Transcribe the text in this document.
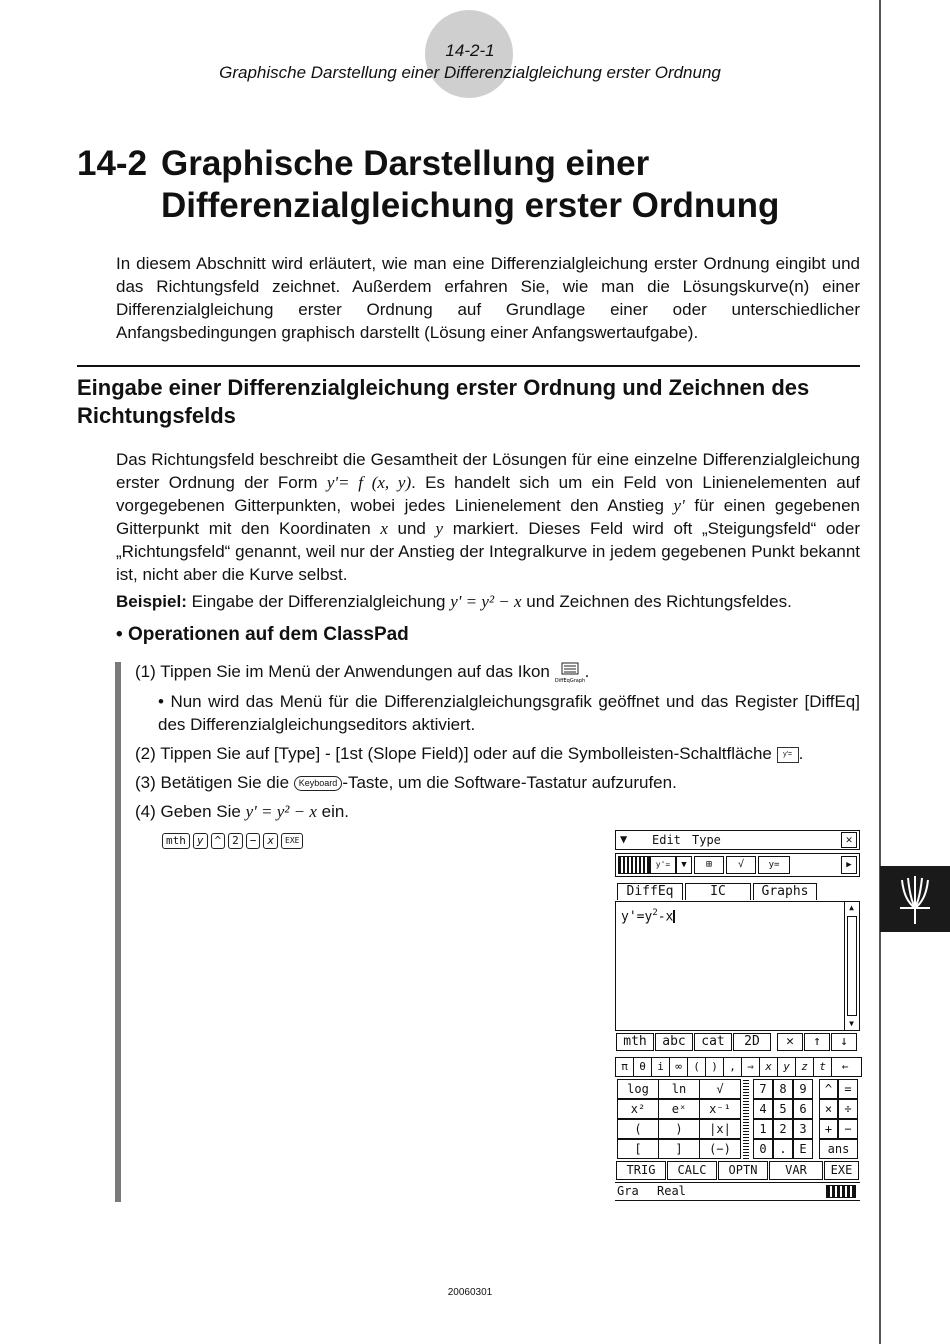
14-2-1
Graphische Darstellung einer Differenzialgleichung erster Ordnung
14-2 Graphische Darstellung einer
Differenzialgleichung erster Ordnung
In diesem Abschnitt wird erläutert, wie man eine Differenzialgleichung erster Ordnung eingibt und das Richtungsfeld zeichnet. Außerdem erfahren Sie, wie man die Lösungskurve(n) einer Differenzialgleichung erster Ordnung auf Grundlage einer oder unterschiedlicher Anfangsbedingungen graphisch darstellt (Lösung einer Anfangswertaufgabe).
Eingabe einer Differenzialgleichung erster Ordnung und Zeichnen des Richtungsfelds
Das Richtungsfeld beschreibt die Gesamtheit der Lösungen für eine einzelne Differenzialgleichung erster Ordnung der Form y'= f (x, y). Es handelt sich um ein Feld von Linienelementen auf vorgegebenen Gitterpunkten, wobei jedes Linienelement den Anstieg y' für einen gegebenen Gitterpunkt mit den Koordinaten x und y markiert. Dieses Feld wird oft „Steigungsfeld“ oder „Richtungsfeld“ genannt, weil nur der Anstieg der Integralkurve in jedem gegebenen Punkt bekannt ist, nicht aber die Kurve selbst.
Beispiel: Eingabe der Differenzialgleichung y' = y² − x und Zeichnen des Richtungsfeldes.
• Operationen auf dem ClassPad
(1) Tippen Sie im Menü der Anwendungen auf das Ikon DiffEqGraph .
• Nun wird das Menü für die Differenzialgleichungsgrafik geöffnet und das Register [DiffEq] des Differenzialgleichungseditors aktiviert.
(2) Tippen Sie auf [Type] - [1st (Slope Field)] oder auf die Symbolleisten-Schaltfläche y'= .
(3) Betätigen Sie die Keyboard -Taste, um die Software-Tastatur aufzurufen.
(4) Geben Sie y' = y² − x ein.
mth y ^ 2 − x EXE	▼ Edit Type	✕
y'=	▼	⊞	√	y=	▶
DiffEq	IC	Graphs
$y'=y^2-x$
▲
▼
mth	abc	cat	2D	✕	↑	↓
π	θ	i	∞	(	)	,	⇒	x	y	z	t	←
log	ln	√
x²	eˣ	x⁻¹
(	)	|x|
[	]	(−)
7	8	9
4	5	6
1	2	3
0	.	E
^	=
×	÷
+	−
ans
TRIG	CALC	OPTN	VAR	EXE
Gra Real
20060301
